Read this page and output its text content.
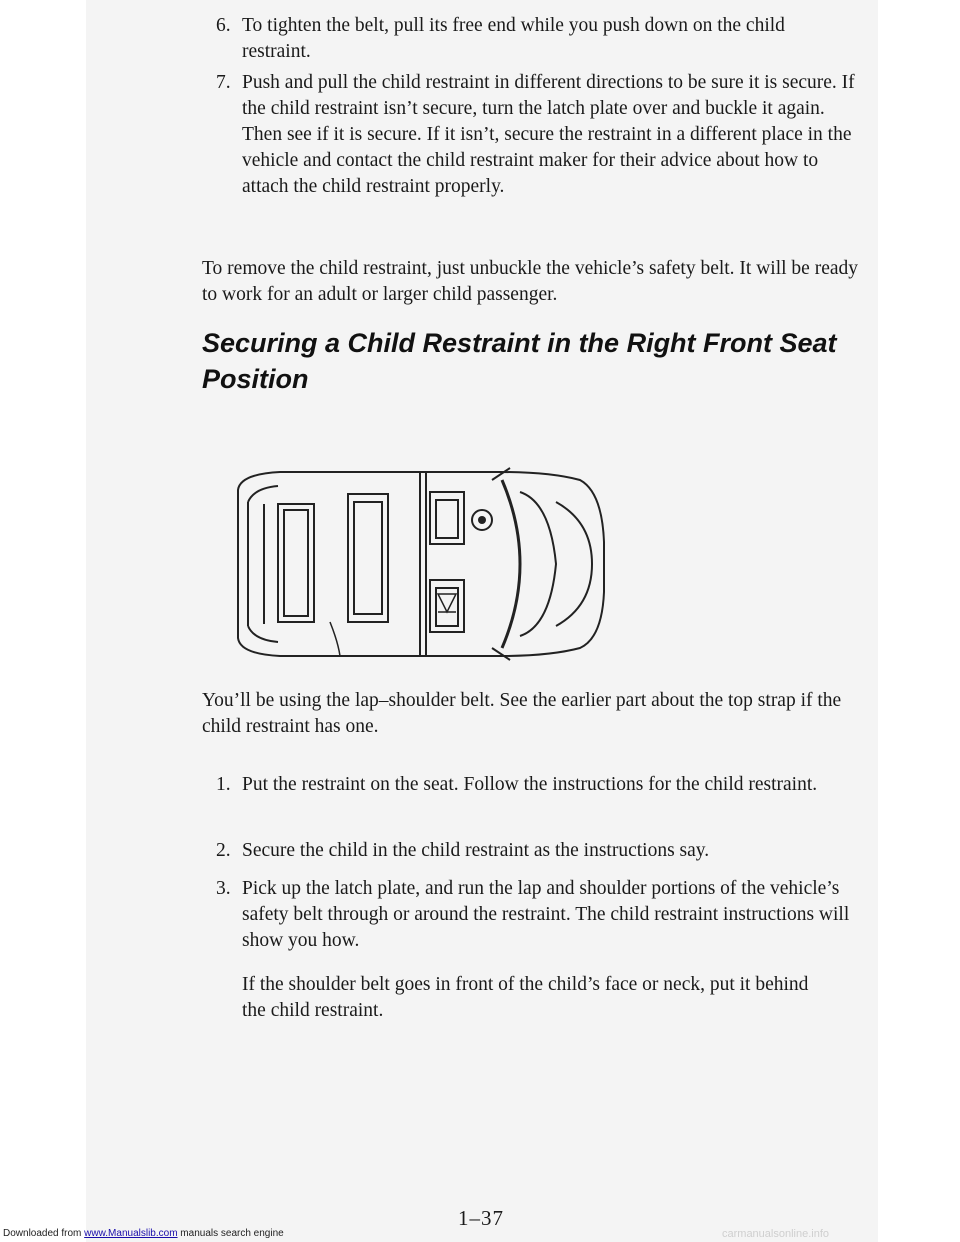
6. To tighten the belt, pull its free end while you push down on the child restraint.
7. Push and pull the child restraint in different directions to be sure it is secure. If the child restraint isn’t secure, turn the latch plate over and buckle it again. Then see if it is secure. If it isn’t, secure the restraint in a different place in the vehicle and contact the child restraint maker for their advice about how to attach the child restraint properly.
To remove the child restraint, just unbuckle the vehicle’s safety belt. It will be ready to work for an adult or larger child passenger.
Securing a Child Restraint in the Right Front Seat Position
You’ll be using the lap–shoulder belt. See the earlier part about the top strap if the child restraint has one.
1. Put the restraint on the seat. Follow the instructions for the child restraint.
2. Secure the child in the child restraint as the instructions say.
3. Pick up the latch plate, and run the lap and shoulder portions of the vehicle’s safety belt through or around the restraint. The child restraint instructions will show you how.
If the shoulder belt goes in front of the child’s face or neck, put it behind the child restraint.
1–37
Downloaded from www.Manualslib.com manuals search engine	carmanualsonline.info
